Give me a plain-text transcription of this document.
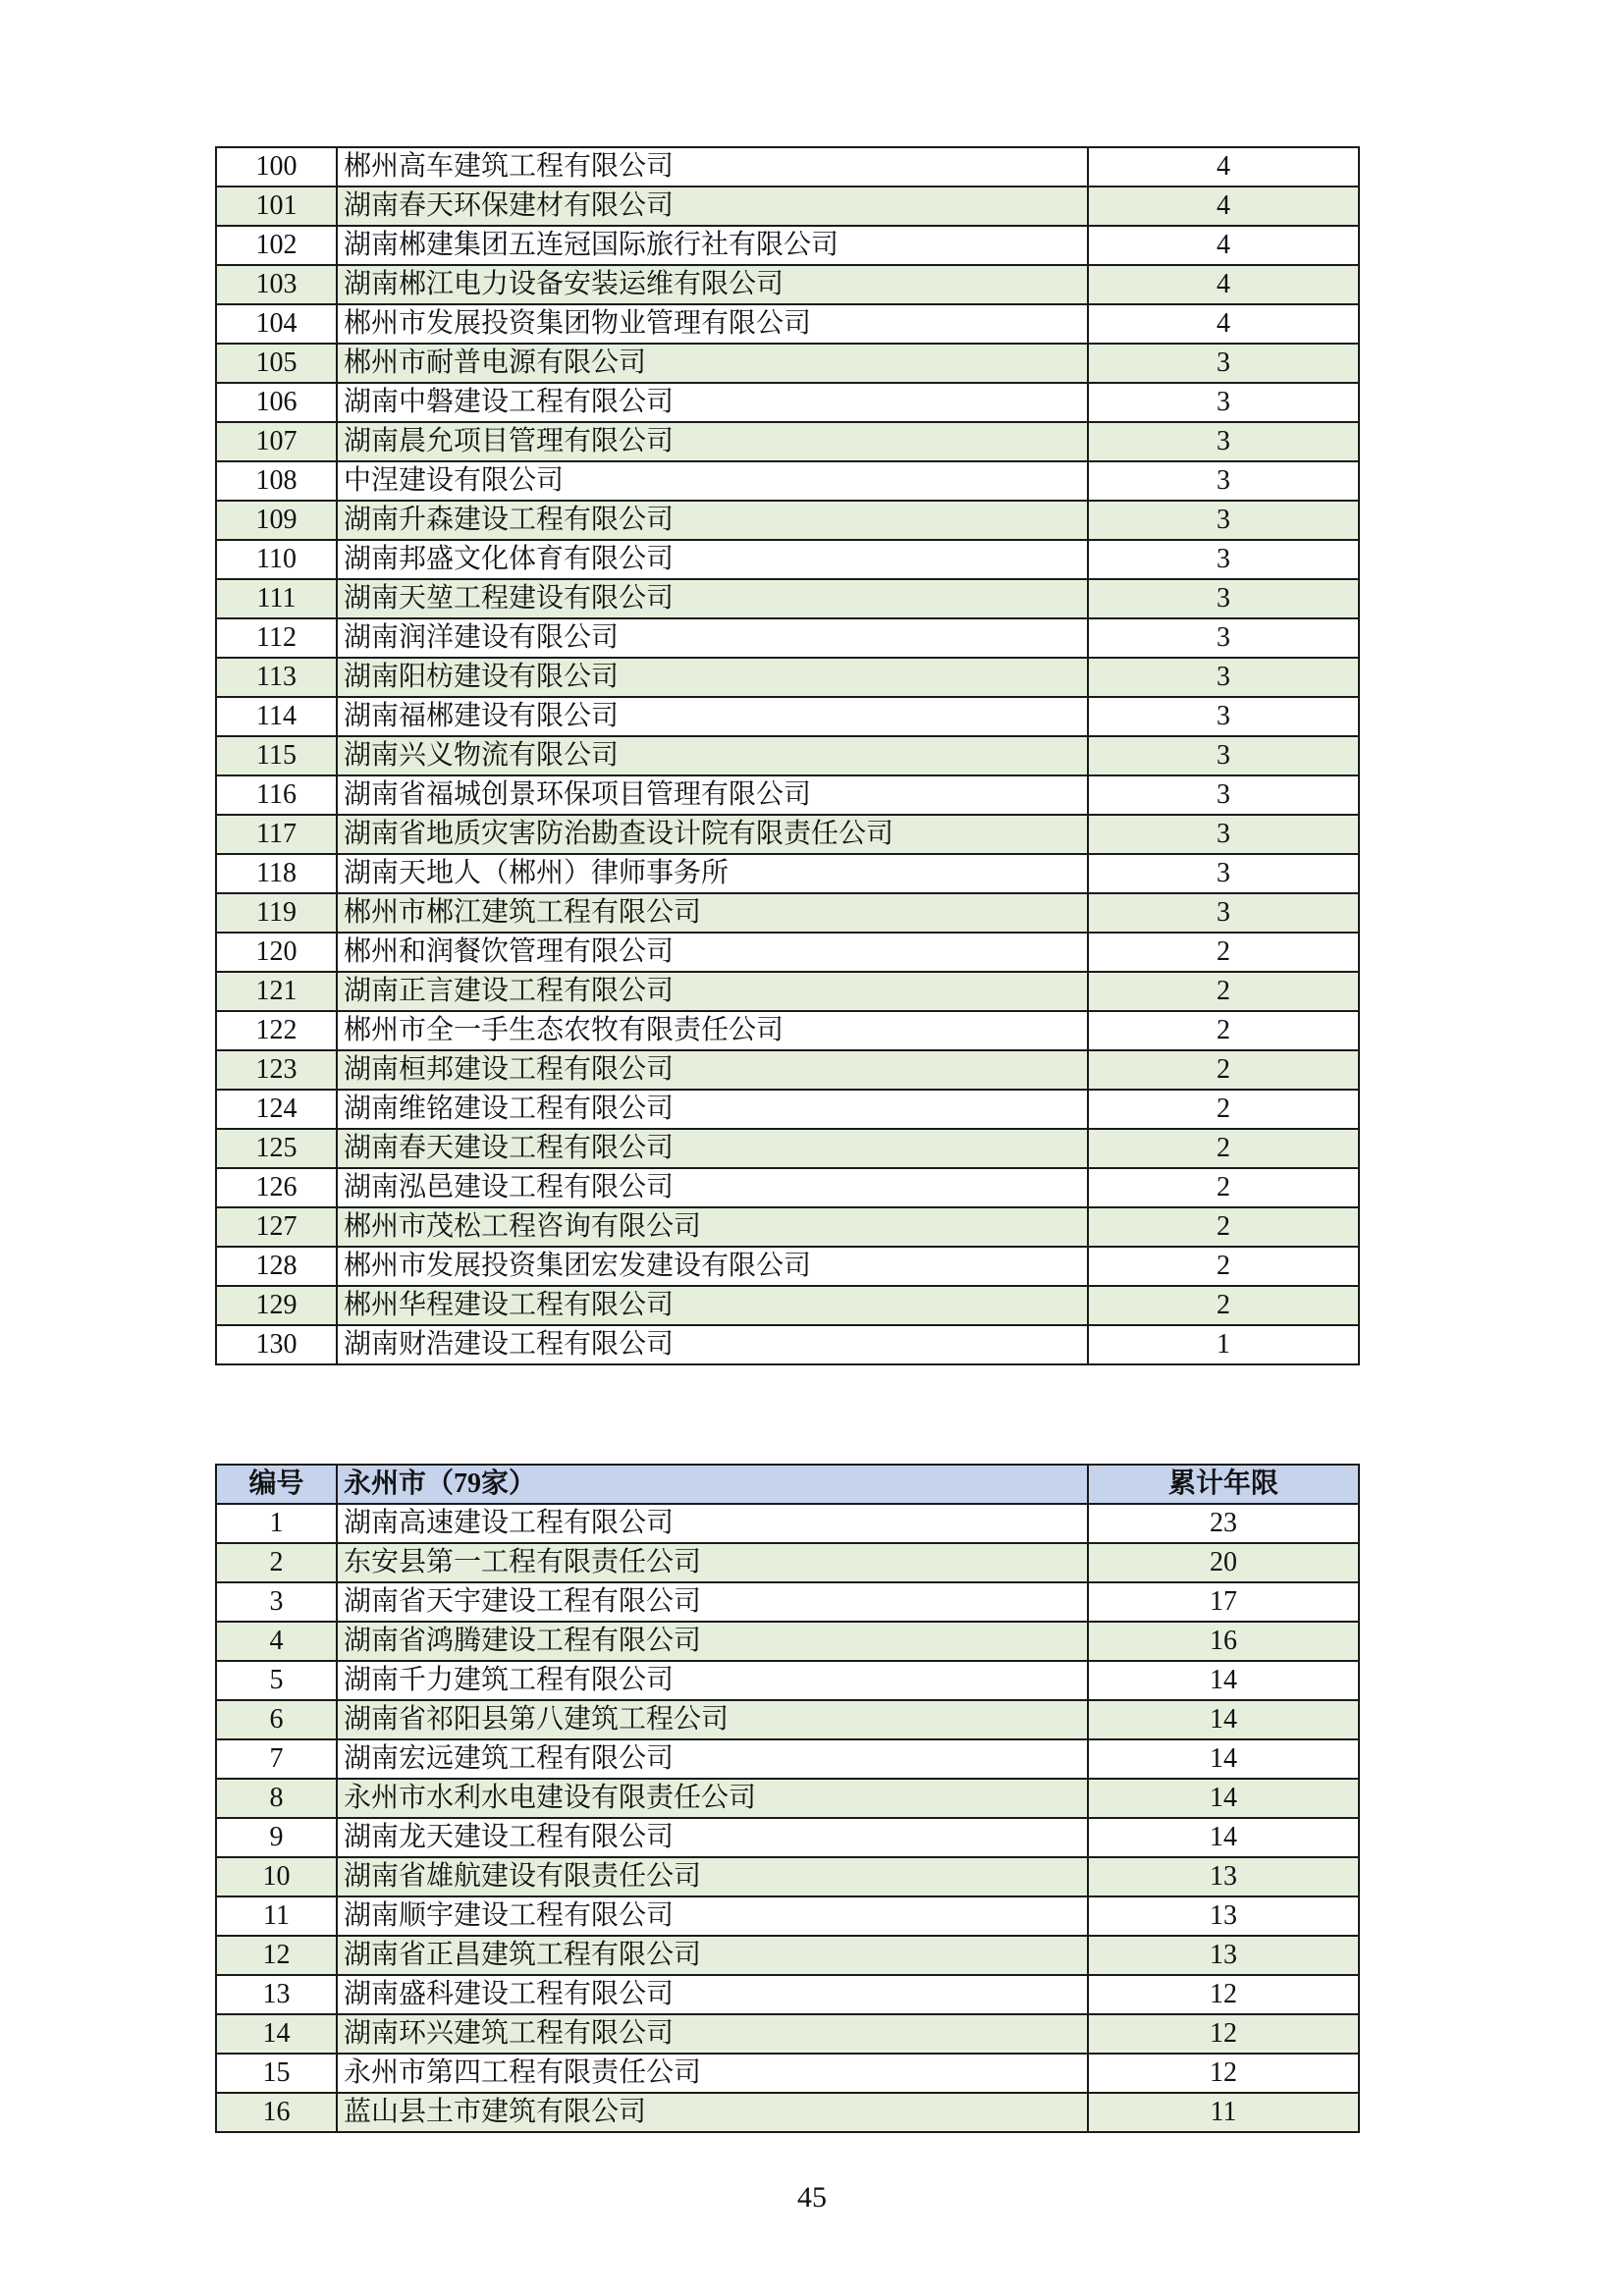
100	郴州高车建筑工程有限公司	4
101	湖南春天环保建材有限公司	4
102	湖南郴建集团五连冠国际旅行社有限公司	4
103	湖南郴江电力设备安装运维有限公司	4
104	郴州市发展投资集团物业管理有限公司	4
105	郴州市耐普电源有限公司	3
106	湖南中磐建设工程有限公司	3
107	湖南晨允项目管理有限公司	3
108	中涅建设有限公司	3
109	湖南升森建设工程有限公司	3
110	湖南邦盛文化体育有限公司	3
111	湖南天堃工程建设有限公司	3
112	湖南润洋建设有限公司	3
113	湖南阳枋建设有限公司	3
114	湖南福郴建设有限公司	3
115	湖南兴义物流有限公司	3
116	湖南省福城创景环保项目管理有限公司	3
117	湖南省地质灾害防治勘查设计院有限责任公司	3
118	湖南天地人（郴州）律师事务所	3
119	郴州市郴江建筑工程有限公司	3
120	郴州和润餐饮管理有限公司	2
121	湖南正言建设工程有限公司	2
122	郴州市全一手生态农牧有限责任公司	2
123	湖南桓邦建设工程有限公司	2
124	湖南维铭建设工程有限公司	2
125	湖南春天建设工程有限公司	2
126	湖南泓邑建设工程有限公司	2
127	郴州市茂松工程咨询有限公司	2
128	郴州市发展投资集团宏发建设有限公司	2
129	郴州华程建设工程有限公司	2
130	湖南财浩建设工程有限公司	1
编号	永州市（79家）	累计年限
1	湖南高速建设工程有限公司	23
2	东安县第一工程有限责任公司	20
3	湖南省天宇建设工程有限公司	17
4	湖南省鸿腾建设工程有限公司	16
5	湖南千力建筑工程有限公司	14
6	湖南省祁阳县第八建筑工程公司	14
7	湖南宏远建筑工程有限公司	14
8	永州市水利水电建设有限责任公司	14
9	湖南龙天建设工程有限公司	14
10	湖南省雄航建设有限责任公司	13
11	湖南顺宇建设工程有限公司	13
12	湖南省正昌建筑工程有限公司	13
13	湖南盛科建设工程有限公司	12
14	湖南环兴建筑工程有限公司	12
15	永州市第四工程有限责任公司	12
16	蓝山县土市建筑有限公司	11
45
